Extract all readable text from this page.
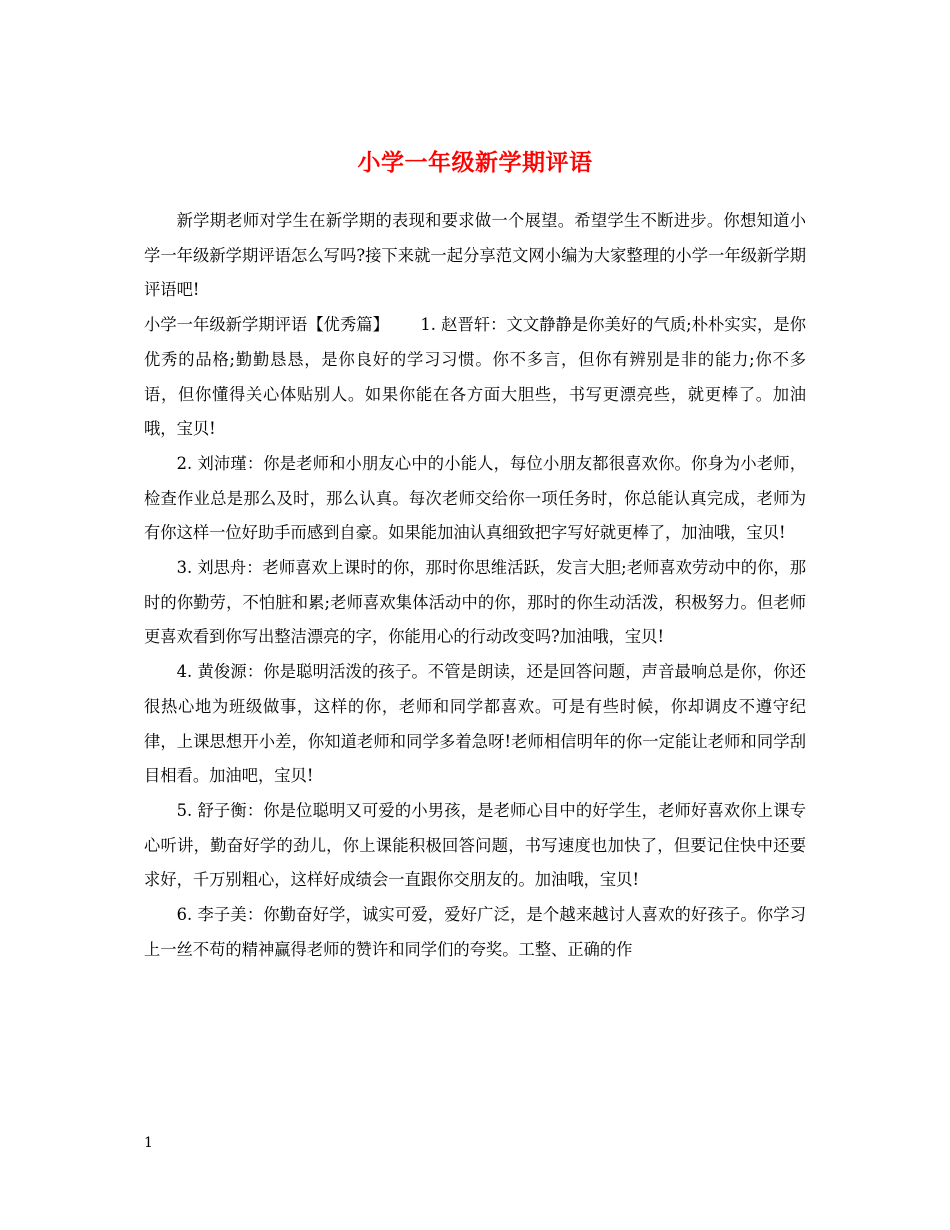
小学一年级新学期评语

新学期老师对学生在新学期的表现和要求做一个展望。希望学生不断进步。你想知道小学一年级新学期评语怎么写吗?接下来就一起分享范文网小编为大家整理的小学一年级新学期评语吧!

小学一年级新学期评语【优秀篇】 1. 赵晋轩：文文静静是你美好的气质;朴朴实实，是你优秀的品格;勤勤恳恳，是你良好的学习习惯。你不多言，但你有辨别是非的能力;你不多语，但你懂得关心体贴别人。如果你能在各方面大胆些，书写更漂亮些，就更棒了。加油哦，宝贝!

2. 刘沛瑾：你是老师和小朋友心中的小能人，每位小朋友都很喜欢你。你身为小老师，检查作业总是那么及时，那么认真。每次老师交给你一项任务时，你总能认真完成，老师为有你这样一位好助手而感到自豪。如果能加油认真细致把字写好就更棒了，加油哦，宝贝!

3. 刘思舟：老师喜欢上课时的你，那时你思维活跃，发言大胆;老师喜欢劳动中的你，那时的你勤劳，不怕脏和累;老师喜欢集体活动中的你，那时的你生动活泼，积极努力。但老师更喜欢看到你写出整洁漂亮的字，你能用心的行动改变吗?加油哦，宝贝!

4. 黄俊源：你是聪明活泼的孩子。不管是朗读，还是回答问题，声音最响总是你，你还很热心地为班级做事，这样的你，老师和同学都喜欢。可是有些时候，你却调皮不遵守纪律，上课思想开小差，你知道老师和同学多着急呀!老师相信明年的你一定能让老师和同学刮目相看。加油吧，宝贝!

5. 舒子衡：你是位聪明又可爱的小男孩，是老师心目中的好学生，老师好喜欢你上课专心听讲，勤奋好学的劲儿，你上课能积极回答问题，书写速度也加快了，但要记住快中还要求好，千万别粗心，这样好成绩会一直跟你交朋友的。加油哦，宝贝!

6. 李子美：你勤奋好学，诚实可爱，爱好广泛，是个越来越讨人喜欢的好孩子。你学习上一丝不苟的精神赢得老师的赞许和同学们的夸奖。工整、正确的作

1
